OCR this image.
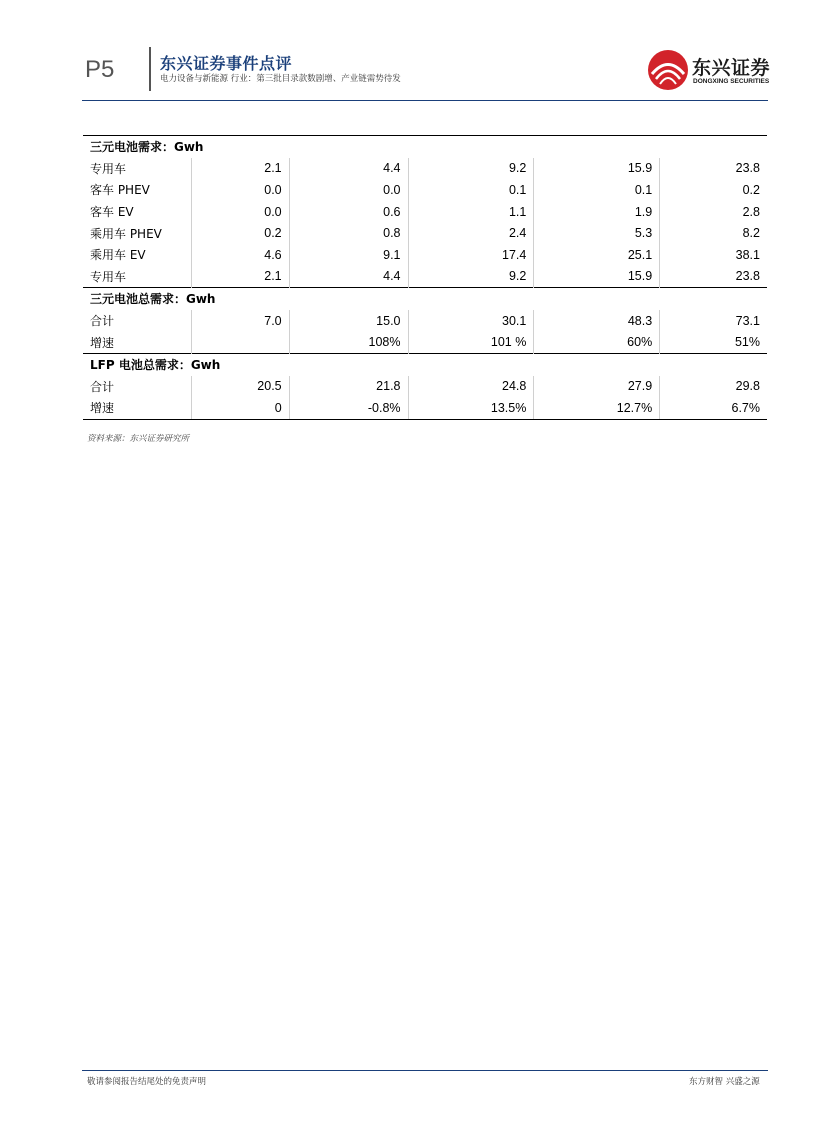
P5	东兴证券事件点评
电力设备与新能源 行业：第三批目录款数剧增、产业链需势待发	东兴证券
DONGXING SECURITIES
三元电池需求：Gwh					
专用车	2.1	4.4	9.2	15.9	23.8
客车 PHEV	0.0	0.0	0.1	0.1	0.2
客车 EV	0.0	0.6	1.1	1.9	2.8
乘用车 PHEV	0.2	0.8	2.4	5.3	8.2
乘用车 EV	4.6	9.1	17.4	25.1	38.1
专用车	2.1	4.4	9.2	15.9	23.8
三元电池总需求：Gwh					
合计	7.0	15.0	30.1	48.3	73.1
增速		108%	101 %	60%	51%
LFP 电池总需求：Gwh					
合计	20.5	21.8	24.8	27.9	29.8
增速	0	-0.8%	13.5%	12.7%	6.7%
资料来源：东兴证券研究所
敬请参阅报告结尾处的免责声明	东方财智 兴盛之源
